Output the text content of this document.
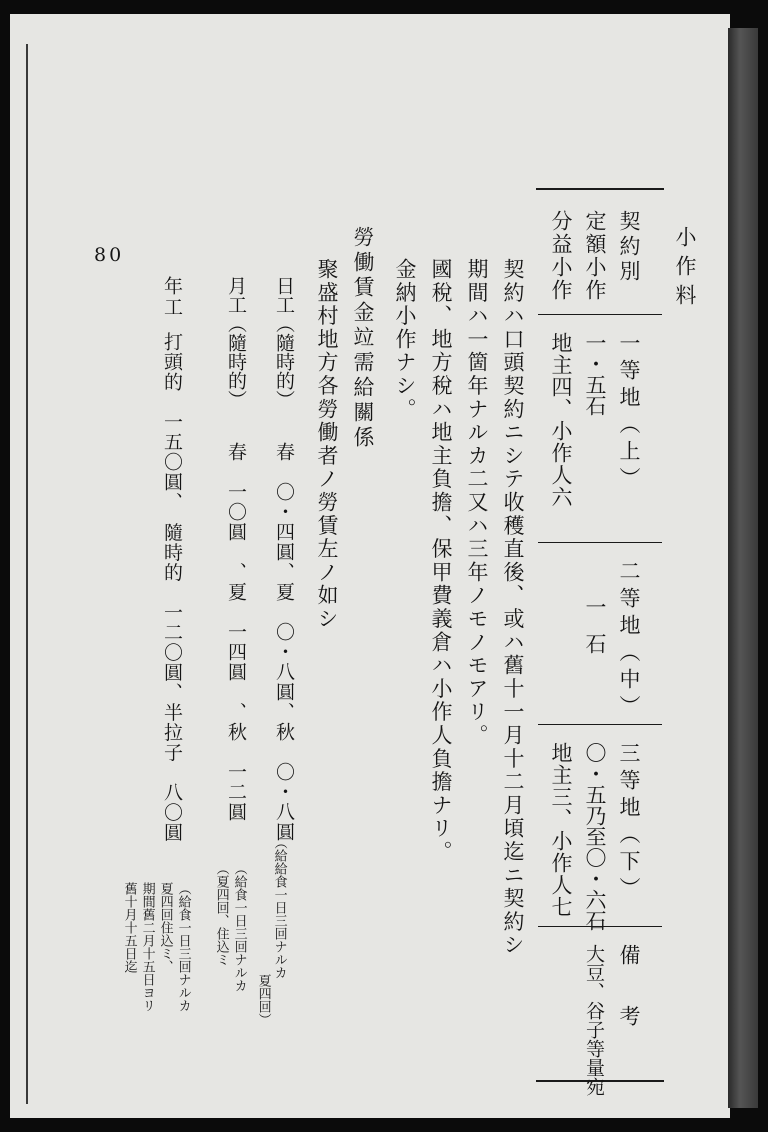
80	小作料
契約別
定額小作
分益小作
一等地（上）
一・五石
地主四、小作人六
二等地（中）
一石
三等地（下）
〇・五乃至〇・六石
地主三、小作人七
備考
大豆、谷子等量宛
契約ハ口頭契約ニシテ收穫直後、或ハ舊十一月十二月頃迄ニ契約シ
期間ハ一箇年ナルカ二又ハ三年ノモノモアリ。
國稅、地方稅ハ地主負擔、保甲費義倉ハ小作人負擔ナリ。
金納小作ナシ。
勞働賃金竝需給關係
聚盛村地方各勞働者ノ勞賃左ノ如シ
日工（隨時的）
春　〇・四圓、夏　〇・八圓、秋　〇・八圓
（給給食一日三回ナルカ
夏四回）
月工（隨時的）
春　一〇圓　、夏　一四圓　、秋　一二圓
（給食一日三回ナルカ
（夏四回、住込ミ
年工
打頭的　一五〇圓、　隨時的　一二〇圓、半拉子　八〇圓
（給食一日三回ナルカ
夏四回住込ミ、
期間舊二月十五日ヨリ
舊十月十五日迄
